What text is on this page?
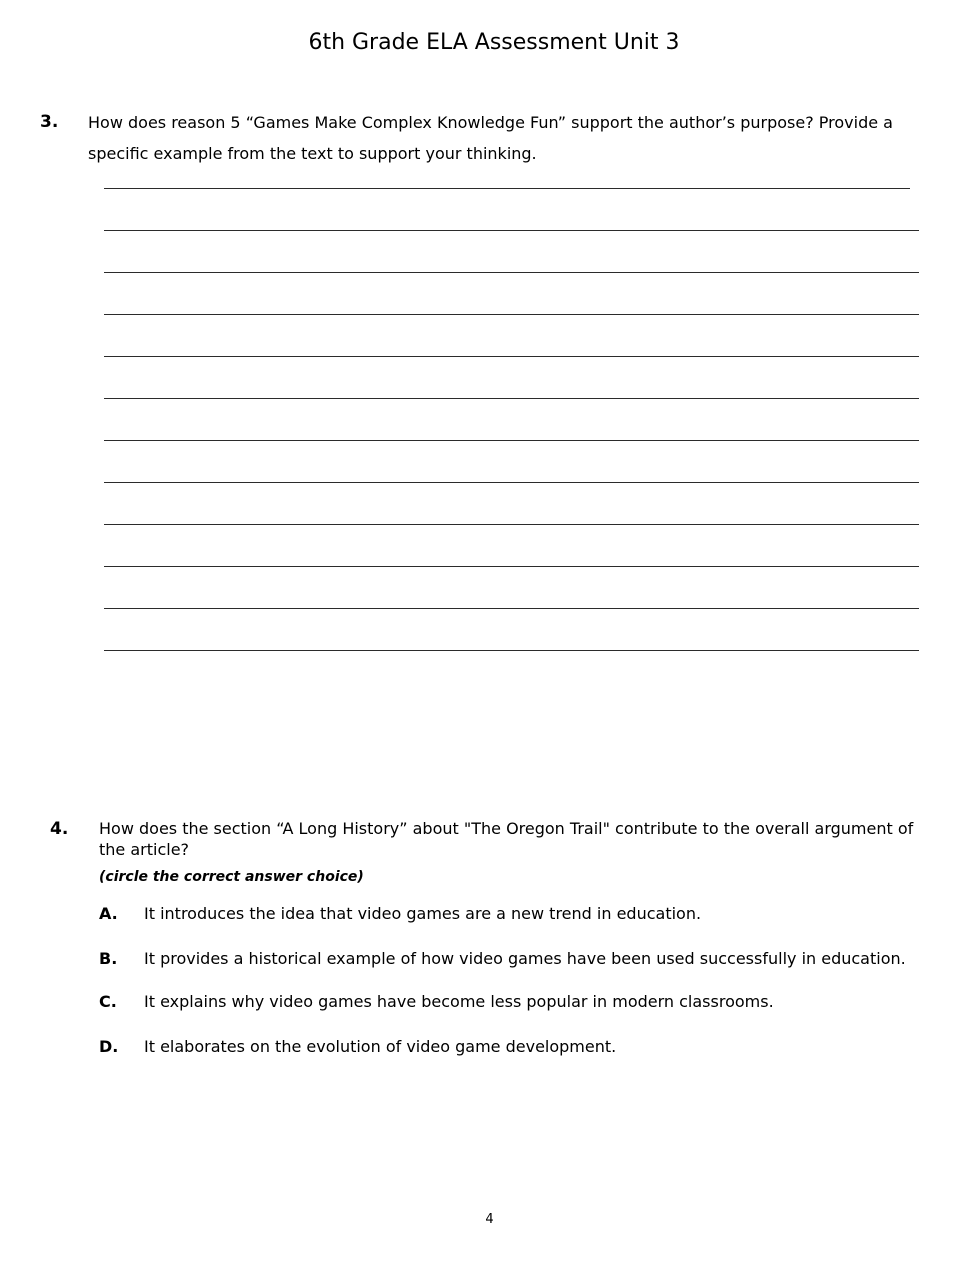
6th Grade ELA Assessment Unit 3
3. How does reason 5 “Games Make Complex Knowledge Fun” support the author’s purpose? Provide a specific example from the text to support your thinking.
4. How does the section “A Long History” about "The Oregon Trail" contribute to the overall argument of the article?
(circle the correct answer choice)
A. It introduces the idea that video games are a new trend in education.
B. It provides a historical example of how video games have been used successfully in education.
C. It explains why video games have become less popular in modern classrooms.
D. It elaborates on the evolution of video game development.
4
